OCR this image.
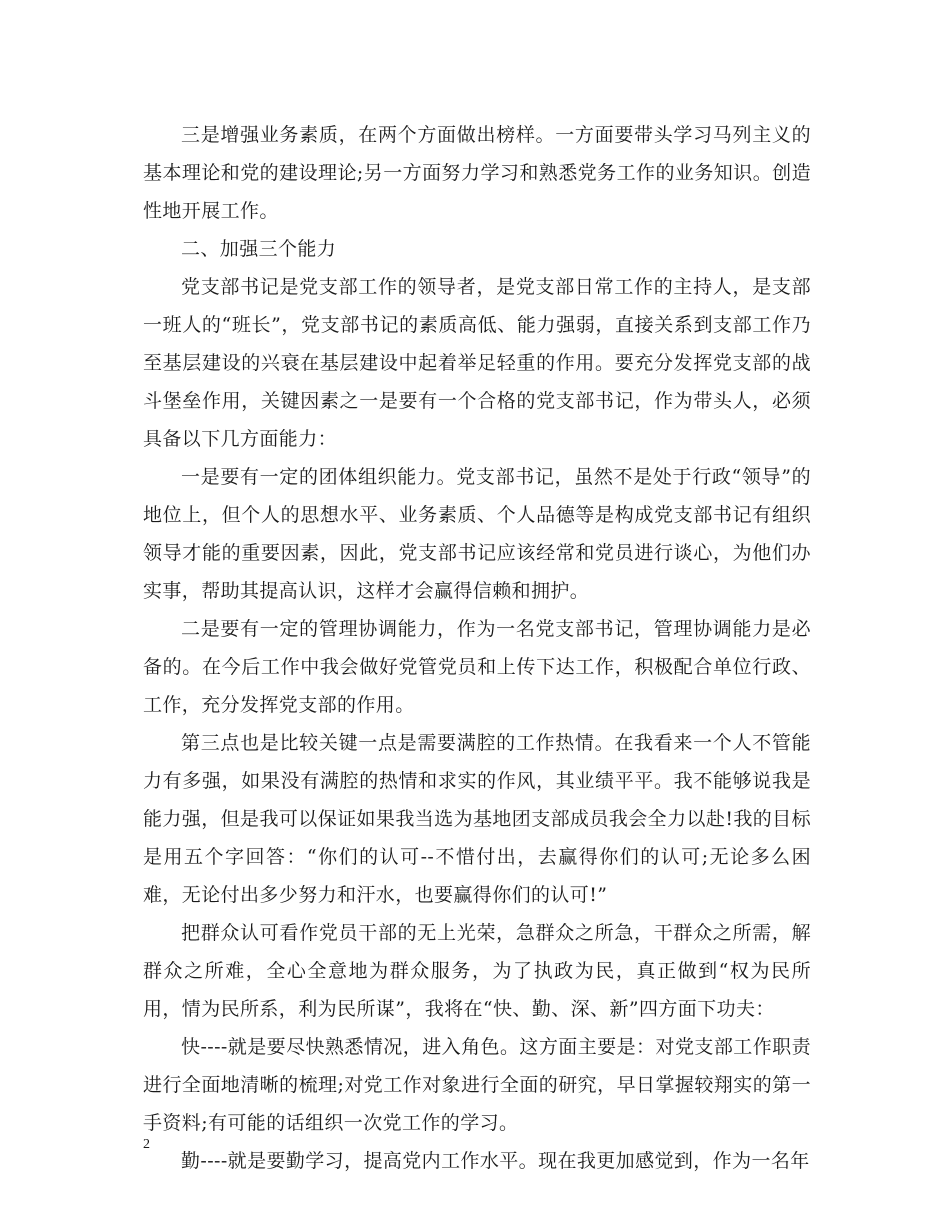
三是增强业务素质，在两个方面做出榜样。一方面要带头学习马列主义的基本理论和党的建设理论;另一方面努力学习和熟悉党务工作的业务知识。创造性地开展工作。

二、加强三个能力

党支部书记是党支部工作的领导者，是党支部日常工作的主持人，是支部一班人的“班长”，党支部书记的素质高低、能力强弱，直接关系到支部工作乃至基层建设的兴衰在基层建设中起着举足轻重的作用。要充分发挥党支部的战斗堡垒作用，关键因素之一是要有一个合格的党支部书记，作为带头人，必须具备以下几方面能力：

一是要有一定的团体组织能力。党支部书记，虽然不是处于行政“领导”的地位上，但个人的思想水平、业务素质、个人品德等是构成党支部书记有组织领导才能的重要因素，因此，党支部书记应该经常和党员进行谈心，为他们办实事，帮助其提高认识，这样才会赢得信赖和拥护。

二是要有一定的管理协调能力，作为一名党支部书记，管理协调能力是必备的。在今后工作中我会做好党管党员和上传下达工作，积极配合单位行政、工作，充分发挥党支部的作用。

第三点也是比较关键一点是需要满腔的工作热情。在我看来一个人不管能力有多强，如果没有满腔的热情和求实的作风，其业绩平平。我不能够说我是能力强，但是我可以保证如果我当选为基地团支部成员我会全力以赴!我的目标是用五个字回答：“你们的认可--不惜付出，去赢得你们的认可;无论多么困难，无论付出多少努力和汗水，也要赢得你们的认可!”

把群众认可看作党员干部的无上光荣，急群众之所急，干群众之所需，解群众之所难，全心全意地为群众服务，为了执政为民，真正做到“权为民所用，情为民所系，利为民所谋”，我将在“快、勤、深、新”四方面下功夫：

快----就是要尽快熟悉情况，进入角色。这方面主要是：对党支部工作职责进行全面地清晰的梳理;对党工作对象进行全面的研究，早日掌握较翔实的第一手资料;有可能的话组织一次党工作的学习。

勤----就是要勤学习，提高党内工作水平。现在我更加感觉到，作为一名年

2
